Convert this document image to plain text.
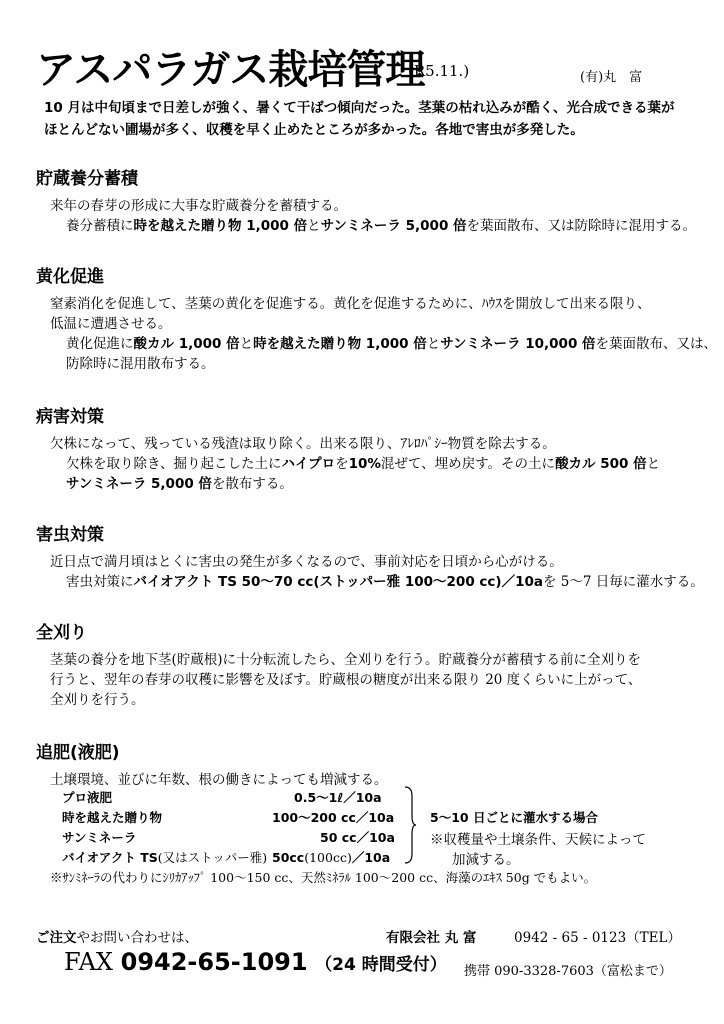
アスパラガス栽培管理
(R5.11.)	(有)丸　富
10 月は中旬頃まで日差しが強く、暑くて干ばつ傾向だった。茎葉の枯れ込みが酷く、光合成できる葉が
ほとんどない圃場が多く、収穫を早く止めたところが多かった。各地で害虫が多発した。
貯蔵養分蓄積
来年の春芽の形成に大事な貯蔵養分を蓄積する。
養分蓄積に時を越えた贈り物 1,000 倍とサンミネーラ 5,000 倍を葉面散布、又は防除時に混用する。
黄化促進
窒素消化を促進して、茎葉の黄化を促進する。黄化を促進するために、ﾊｳｽを開放して出来る限り、
低温に遭遇させる。
黄化促進に酸カル 1,000 倍と時を越えた贈り物 1,000 倍とサンミネーラ 10,000 倍を葉面散布、又は、
防除時に混用散布する。
病害対策
欠株になって、残っている残渣は取り除く。出来る限り、ｱﾚﾛﾊﾟｼｰ物質を除去する。
欠株を取り除き、掘り起こした土にハイプロを10%混ぜて、埋め戻す。その土に酸カル 500 倍と
サンミネーラ 5,000 倍を散布する。
害虫対策
近日点で満月頃はとくに害虫の発生が多くなるので、事前対応を日頃から心がける。
害虫対策にバイオアクト TS 50～70 cc(ストッパー雅 100～200 cc)／10aを 5～7 日毎に灌水する。
全刈り
茎葉の養分を地下茎(貯蔵根)に十分転流したら、全刈りを行う。貯蔵養分が蓄積する前に全刈りを
行うと、翌年の春芽の収穫に影響を及ぼす。貯蔵根の糖度が出来る限り 20 度くらいに上がって、
全刈りを行う。
追肥(液肥)
土壌環境、並びに年数、根の働きによっても増減する。
プロ液肥	0.5～1ℓ／10a
時を越えた贈り物	100～200 cc／10a
サンミネーラ	50 cc／10a
バイオアクト TS(又はストッパー雅) 50cc(100cc)／10a
5～10 日ごとに灌水する場合
※収穫量や土壌条件、天候によって
加減する。
※ｻﾝﾐﾈｰﾗの代わりにｼﾘｶｱｯﾌﾟ 100～150 cc、天然ﾐﾈﾗﾙ 100～200 cc、海藻のｴｷｽ 50g でもよい。
ご注文やお問い合わせは、	有限会社 丸 富	0942 - 65 - 0123（TEL）
FAX 0942-65-1091 （24 時間受付） 携帯 090-3328-7603（富松まで）
